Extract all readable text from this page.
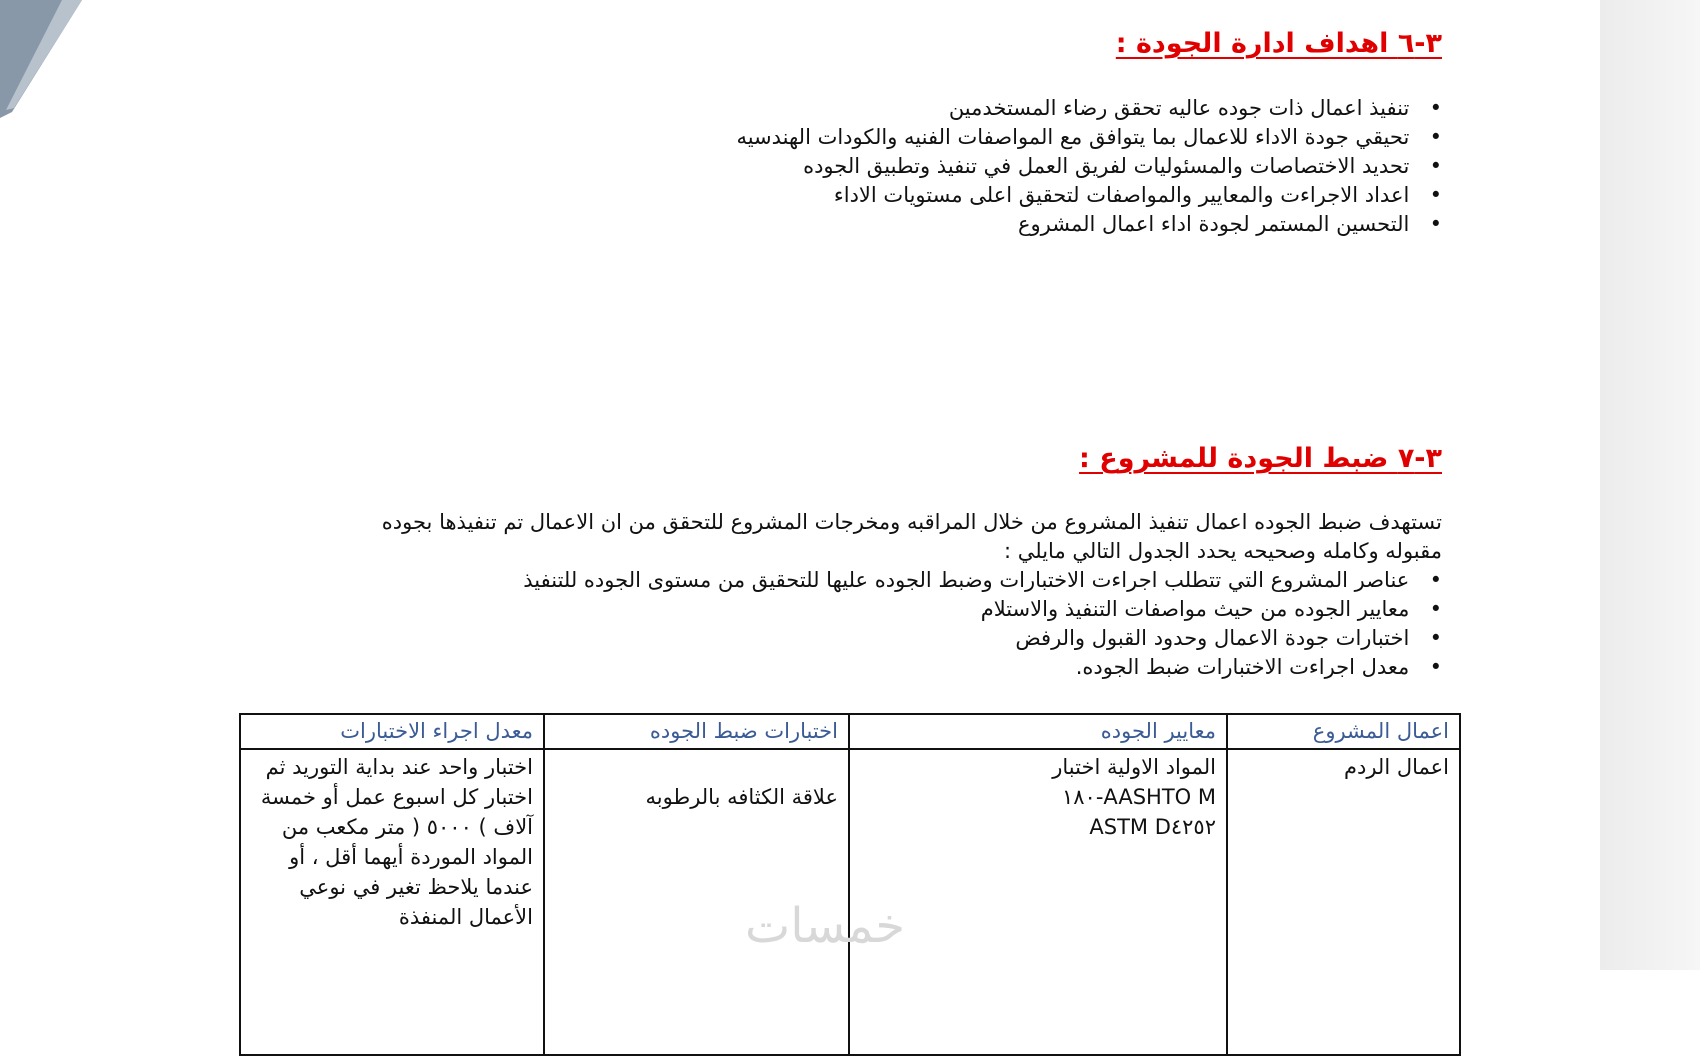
٣-٦ اهداف ادارة الجودة :
• تنفيذ اعمال ذات جوده عاليه تحقق رضاء المستخدمين
• تحيقي جودة الاداء للاعمال بما يتوافق مع المواصفات الفنيه والكودات الهندسيه
• تحديد الاختصاصات والمسئوليات لفريق العمل في تنفيذ وتطبيق الجوده
• اعداد الاجراءت والمعايير والمواصفات لتحقيق اعلى مستويات الاداء
• التحسين المستمر لجودة اداء اعمال المشروع
٣-٧ ضبط الجودة للمشروع :
تستهدف ضبط الجوده اعمال تنفيذ المشروع من خلال المراقبه ومخرجات المشروع للتحقق من ان الاعمال تم تنفيذها بجوده مقبوله وكامله وصحيحه يحدد الجدول التالي مايلي :
• عناصر المشروع التي تتطلب اجراءت الاختبارات وضبط الجوده عليها للتحقيق من مستوى الجوده للتنفيذ
• معايير الجوده من حيث مواصفات التنفيذ والاستلام
• اختبارات جودة الاعمال وحدود القبول والرفض
• معدل اجراءت الاختبارات ضبط الجوده.
اعمال المشروع	معايير الجوده	اختبارات ضبط الجوده	معدل اجراء الاختبارات
اعمال الردم	المواد الاولية اختبار
AASHTO M-١٨٠
ASTM D٤٢٥٢	علاقة الكثافه بالرطوبه	اختبار واحد عند بداية التوريد ثم اختبار كل اسبوع عمل أو خمسة آلاف ) ٥٠٠٠ ( متر مكعب من المواد الموردة أيهما أقل ، أو عندما يلاحظ تغير في نوعي الأعمال المنفذة	خمسات
